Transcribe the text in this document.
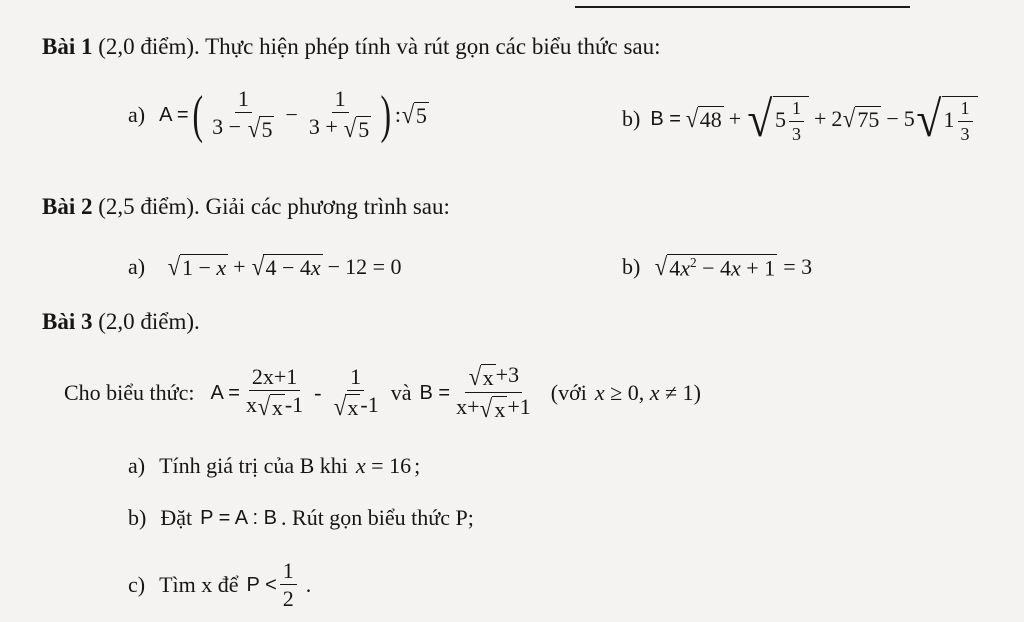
Bài 1 (2,0 điểm). Thực hiện phép tính và rút gọn các biểu thức sau:
a) A = ( $\frac{1}{3 - √ 5} - \frac{1}{3 + √ 5}$ ) : √ 5	b) B = √ 48 + √ $5 \frac{1}{3} + 2$ √ 75 − 5 √ $1 \frac{1}{3}$
Bài 2 (2,5 điểm). Giải các phương trình sau:
a) √ 1 − x + √ 4 − 4x − 12 = 0	b) √ $4x^2 - 4x + 1 = 3$
Bài 3 (2,0 điểm).
Cho biểu thức: $A = \frac{2x+1}{x √ x -1} - \frac{1}{√ x -1}$ và $B = \frac{√ x +3}{x+ √ x +1}$ (với x ≥ 0, x ≠ 1 )
a) Tính giá trị của B khi x = 16 ;
b) Đặt P = A : B . Rút gọn biểu thức P;
c) Tìm x để $P < \frac{1}{2}$ .
